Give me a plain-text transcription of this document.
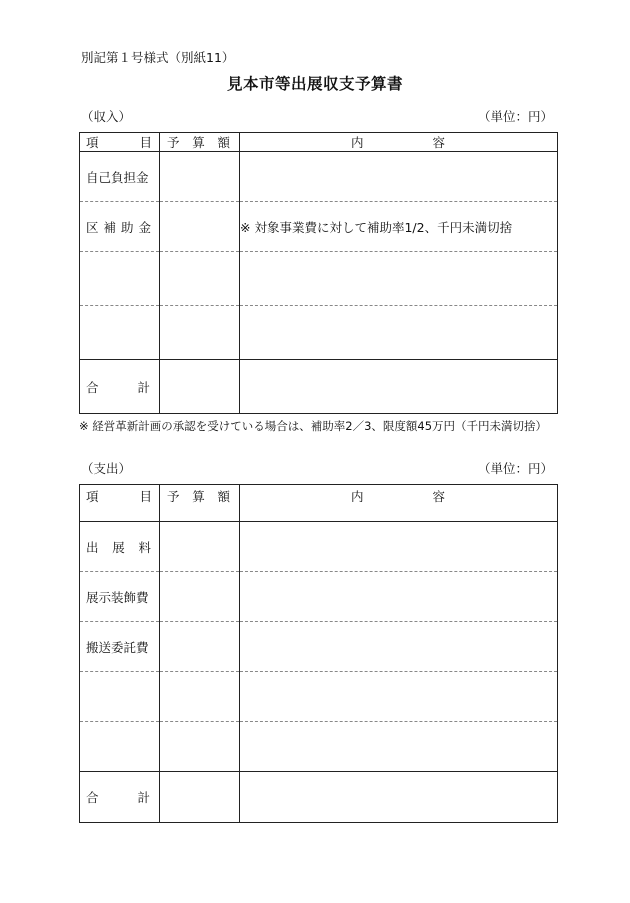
別記第１号様式（別紙11）
見本市等出展収支予算書
（収入）	（単位：円）
項 目	予 算 額	内 容

自己負担金		

区 補 助 金		※ 対象事業費に対して補助率1/2、千円未満切捨

合 計		

※ 経営革新計画の承認を受けている場合は、補助率2／3、限度額45万円（千円未満切捨）
（支出）	（単位：円）
項 目	予 算 額	内 容

出 展 料		

展示装飾費		
搬送委託費		

合 計		
